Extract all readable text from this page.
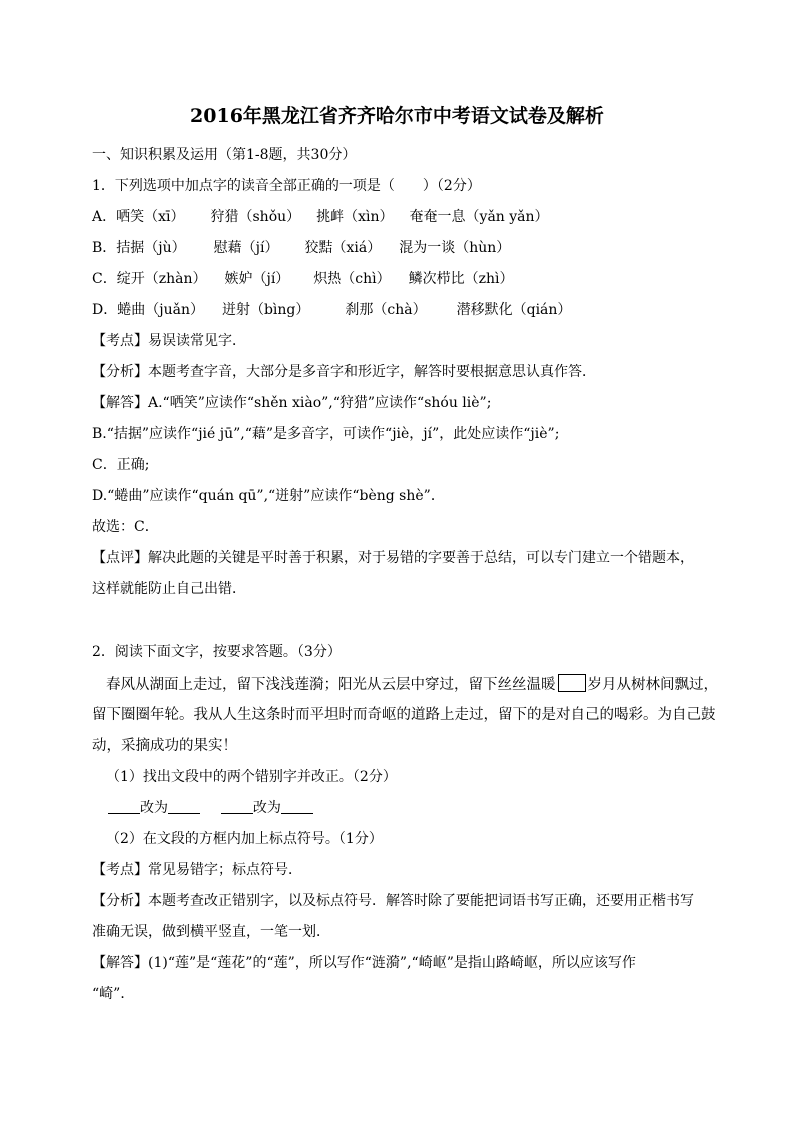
2016年黑龙江省齐齐哈尔市中考语文试卷及解析
一、知识积累及运用（第1-8题，共30分）
1．下列选项中加点字的读音全部正确的一项是（　　）（2分）
A．哂笑（xī） 狩猎（shǒu） 挑衅（xìn） 奄奄一息（yǎn yǎn）
B．拮据（jù） 慰藉（jí） 狡黠（xiá） 混为一谈（hùn）
C．绽开（zhàn） 嫉妒（jí） 炽热（chì） 鳞次栉比（zhì）
D．蜷曲（juǎn） 迸射（bìng）	刹那（chà） 潜移默化（qián）
【考点】易误读常见字．
【分析】本题考查字音，大部分是多音字和形近字，解答时要根据意思认真作答．
【解答】A.“哂笑”应读作“shěn xiào”,“狩猎”应读作“shóu liè”;
B.“拮据”应读作“jié jū”,“藉”是多音字，可读作“jiè，jí”，此处应读作“jiè”;
C．正确;
D.“蜷曲”应读作“quán qū”,“迸射”应读作“bèng shè”．
故选：C．
【点评】解决此题的关键是平时善于积累，对于易错的字要善于总结，可以专门建立一个错题本，
这样就能防止自己出错．
2．阅读下面文字，按要求答题。（3分）
春风从湖面上走过，留下浅浅莲漪；阳光从云层中穿过，留下丝丝温暖 岁月从树林间飘过，
留下圈圈年轮。我从人生这条时而平坦时而奇岖的道路上走过，留下的是对自己的喝彩。为自己鼓
动，采摘成功的果实！
（1）找出文段中的两个错别字并改正。（2分）
改为	改为
（2）在文段的方框内加上标点符号。（1分）
【考点】常见易错字；标点符号．
【分析】本题考查改正错别字，以及标点符号．解答时除了要能把词语书写正确，还要用正楷书写
准确无误，做到横平竖直，一笔一划．
【解答】(1)“莲”是“莲花”的“莲”，所以写作“涟漪”,“崎岖”是指山路崎岖，所以应该写作
“崎”．
